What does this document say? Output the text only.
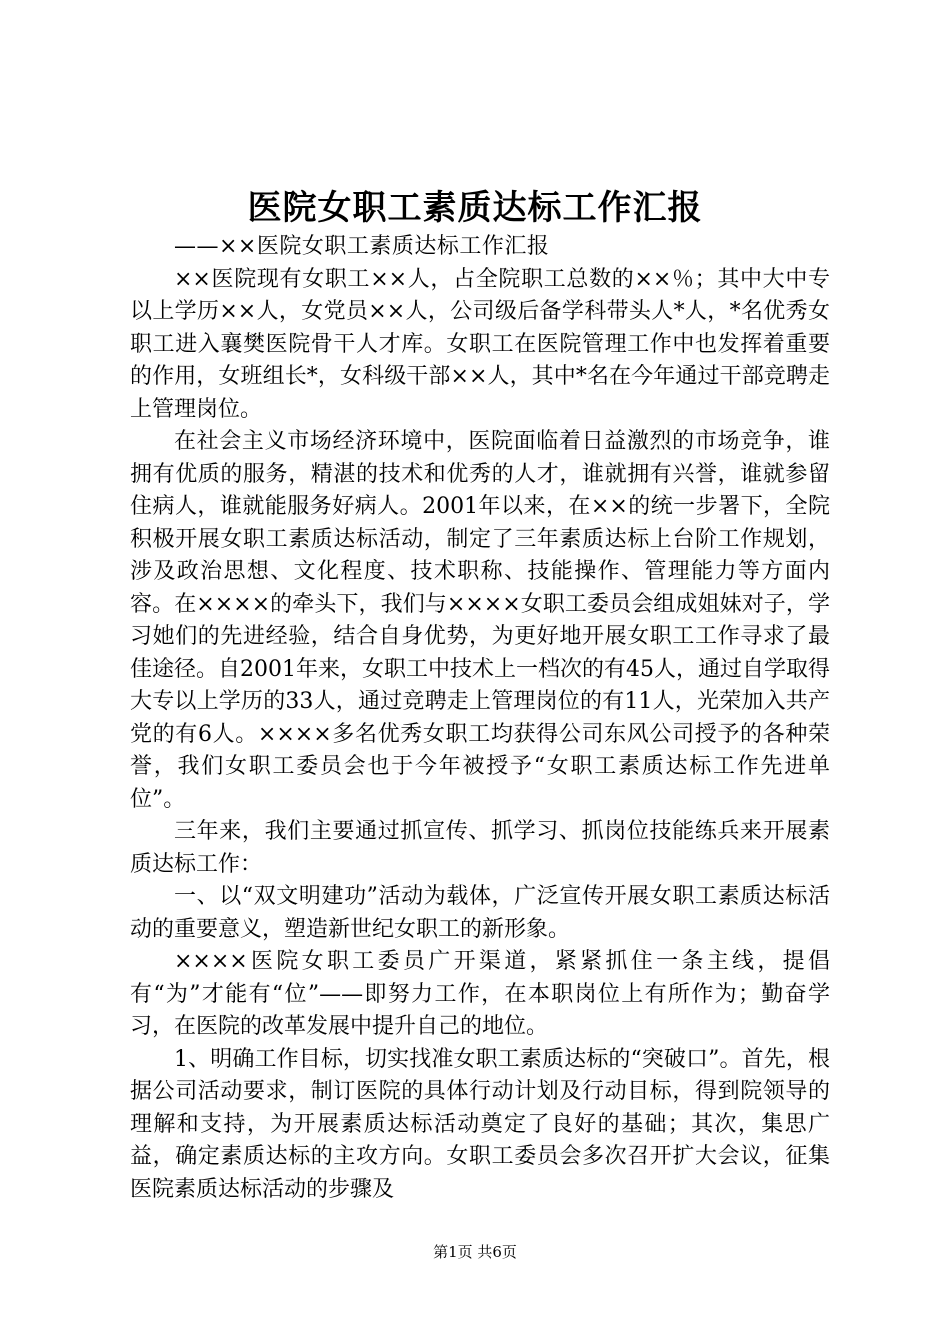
医院女职工素质达标工作汇报

——××医院女职工素质达标工作汇报

××医院现有女职工××人，占全院职工总数的××％；其中大中专以上学历××人，女党员××人，公司级后备学科带头人*人，*名优秀女职工进入襄樊医院骨干人才库。女职工在医院管理工作中也发挥着重要的作用，女班组长*，女科级干部××人，其中*名在今年通过干部竞聘走上管理岗位。

在社会主义市场经济环境中，医院面临着日益激烈的市场竞争，谁拥有优质的服务，精湛的技术和优秀的人才，谁就拥有兴誉，谁就参留住病人，谁就能服务好病人。2001年以来，在××的统一步署下，全院积极开展女职工素质达标活动，制定了三年素质达标上台阶工作规划，涉及政治思想、文化程度、技术职称、技能操作、管理能力等方面内容。在××××的牵头下，我们与××××女职工委员会组成姐妹对子，学习她们的先进经验，结合自身优势，为更好地开展女职工工作寻求了最佳途径。自2001年来，女职工中技术上一档次的有45人，通过自学取得大专以上学历的33人，通过竞聘走上管理岗位的有11人，光荣加入共产党的有6人。××××多名优秀女职工均获得公司东风公司授予的各种荣誉，我们女职工委员会也于今年被授予“女职工素质达标工作先进单位”。

三年来，我们主要通过抓宣传、抓学习、抓岗位技能练兵来开展素质达标工作：

一、以“双文明建功”活动为载体，广泛宣传开展女职工素质达标活动的重要意义，塑造新世纪女职工的新形象。

××××医院女职工委员广开渠道，紧紧抓住一条主线，提倡有“为”才能有“位”——即努力工作，在本职岗位上有所作为；勤奋学习，在医院的改革发展中提升自己的地位。

1、明确工作目标，切实找准女职工素质达标的“突破口”。首先，根据公司活动要求，制订医院的具体行动计划及行动目标，得到院领导的理解和支持，为开展素质达标活动奠定了良好的基础；其次，集思广益，确定素质达标的主攻方向。女职工委员会多次召开扩大会议，征集医院素质达标活动的步骤及

第1页 共6页
